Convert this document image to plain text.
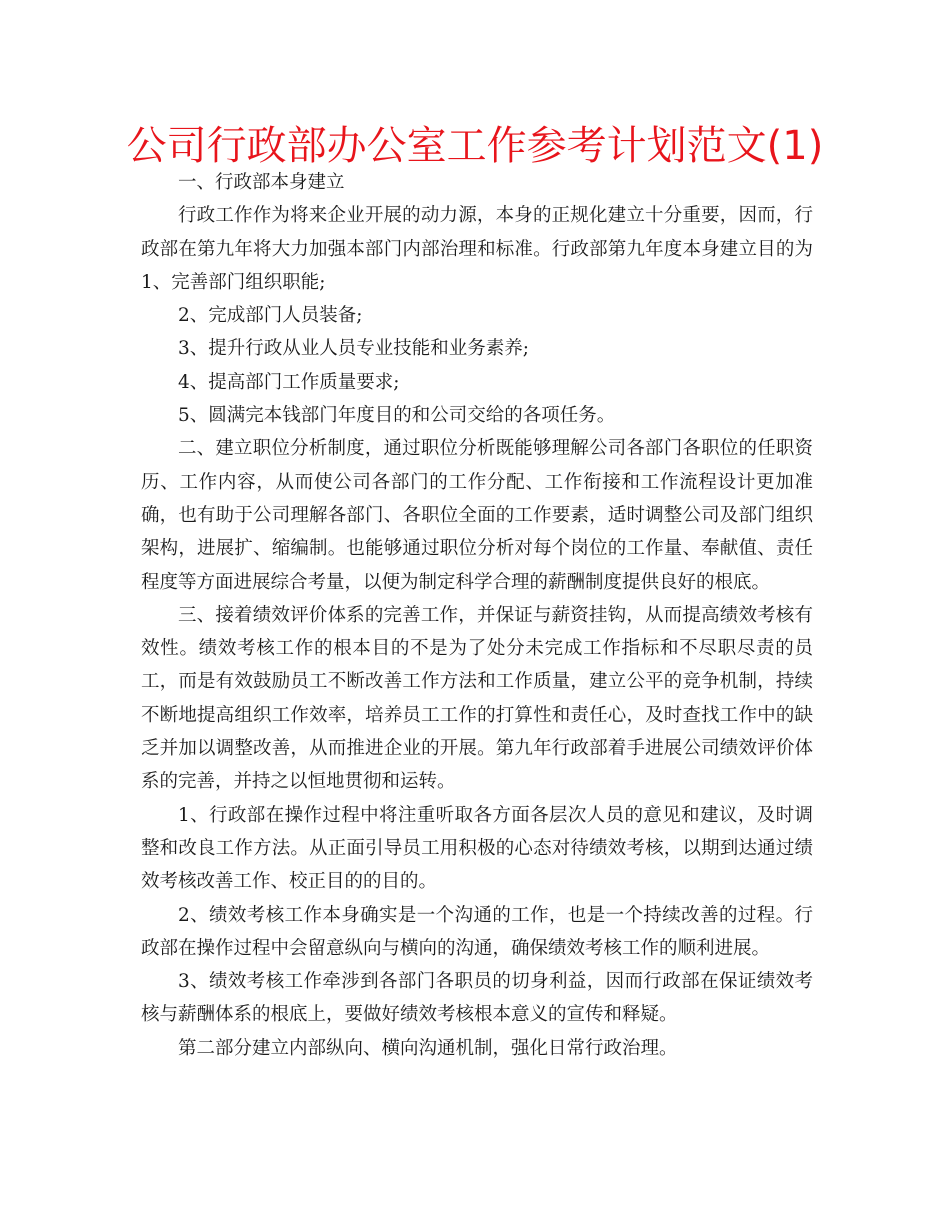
公司行政部办公室工作参考计划范文(1)

一、行政部本身建立

行政工作作为将来企业开展的动力源，本身的正规化建立十分重要，因而，行政部在第九年将大力加强本部门内部治理和标准。行政部第九年度本身建立目的为1、完善部门组织职能;

2、完成部门人员装备;

3、提升行政从业人员专业技能和业务素养;

4、提高部门工作质量要求;

5、圆满完本钱部门年度目的和公司交给的各项任务。

二、建立职位分析制度，通过职位分析既能够理解公司各部门各职位的任职资历、工作内容，从而使公司各部门的工作分配、工作衔接和工作流程设计更加准确，也有助于公司理解各部门、各职位全面的工作要素，适时调整公司及部门组织架构，进展扩、缩编制。也能够通过职位分析对每个岗位的工作量、奉献值、责任程度等方面进展综合考量，以便为制定科学合理的薪酬制度提供良好的根底。

三、接着绩效评价体系的完善工作，并保证与薪资挂钩，从而提高绩效考核有效性。绩效考核工作的根本目的不是为了处分未完成工作指标和不尽职尽责的员工，而是有效鼓励员工不断改善工作方法和工作质量，建立公平的竞争机制，持续不断地提高组织工作效率，培养员工工作的打算性和责任心，及时查找工作中的缺乏并加以调整改善，从而推进企业的开展。第九年行政部着手进展公司绩效评价体系的完善，并持之以恒地贯彻和运转。

1、行政部在操作过程中将注重听取各方面各层次人员的意见和建议，及时调整和改良工作方法。从正面引导员工用积极的心态对待绩效考核，以期到达通过绩效考核改善工作、校正目的的目的。

2、绩效考核工作本身确实是一个沟通的工作，也是一个持续改善的过程。行政部在操作过程中会留意纵向与横向的沟通，确保绩效考核工作的顺利进展。

3、绩效考核工作牵涉到各部门各职员的切身利益，因而行政部在保证绩效考核与薪酬体系的根底上，要做好绩效考核根本意义的宣传和释疑。

第二部分建立内部纵向、横向沟通机制，强化日常行政治理。
